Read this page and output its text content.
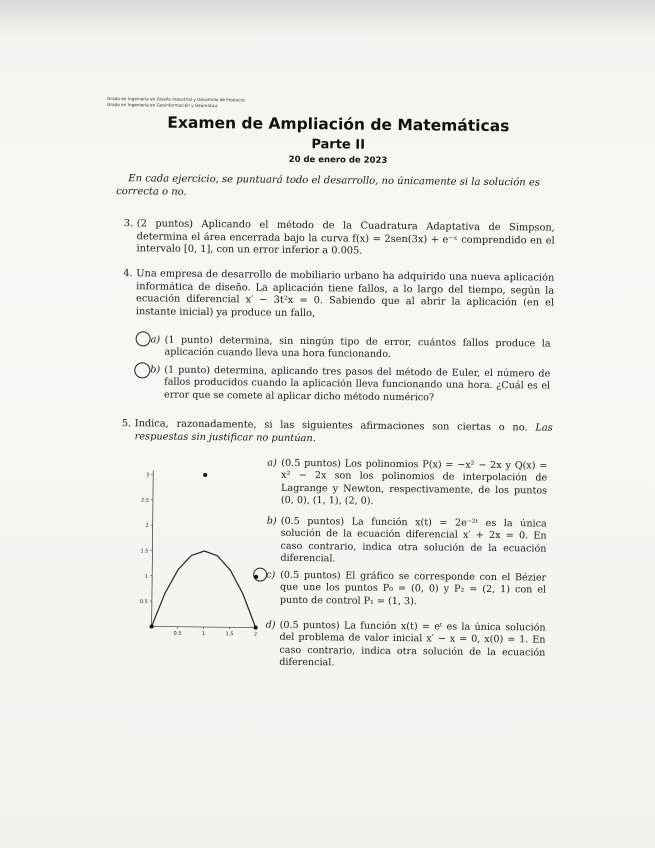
Grado en Ingeniería en Diseño Industrial y Desarrollo de Producto
Grado en Ingeniería en Geoinformación y Geomática
Examen de Ampliación de Matemáticas
Parte II
20 de enero de 2023
En cada ejercicio, se puntuará todo el desarrollo, no únicamente si la solución es correcta o no.
3. (2 puntos) Aplicando el método de la Cuadratura Adaptativa de Simpson, determina el área encerrada bajo la curva f(x) = 2sen(3x) + e⁻ˣ comprendido en el intervalo [0, 1], con un error inferior a 0.005.
4. Una empresa de desarrollo de mobiliario urbano ha adquirido una nueva aplicación informática de diseño. La aplicación tiene fallos, a lo largo del tiempo, según la ecuación diferencial x′ − 3t²x = 0. Sabiendo que al abrir la aplicación (en el instante inicial) ya produce un fallo,
a) (1 punto) determina, sin ningún tipo de error, cuántos fallos produce la aplicación cuando lleva una hora funcionando.
b) (1 punto) determina, aplicando tres pasos del método de Euler, el número de fallos producidos cuando la aplicación lleva funcionando una hora. ¿Cuál es el error que se comete al aplicar dicho método numérico?
5. Indica, razonadamente, si las siguientes afirmaciones son ciertas o no. Las respuestas sin justificar no puntúan.
a) (0.5 puntos) Los polinomios P(x) = −x² − 2x y Q(x) = x² − 2x son los polinomios de interpolación de Lagrange y Newton, respectivamente, de los puntos (0, 0), (1, 1), (2, 0).
b) (0.5 puntos) La función x(t) = 2e⁻²ᵗ es la única solución de la ecuación diferencial x′ + 2x = 0. En caso contrario, indica otra solución de la ecuación diferencial.
c) (0.5 puntos) El gráfico se corresponde con el Bézier que une los puntos P₀ = (0, 0) y P₂ = (2, 1) con el punto de control P₁ = (1, 3).
d) (0.5 puntos) La función x(t) = eᵗ es la única solución del problema de valor inicial x′ − x = 0, x(0) = 1. En caso contrario, indica otra solución de la ecuación diferencial.
0.5	1	1.5	2
0.5
1
1.5
2
2.5
3
